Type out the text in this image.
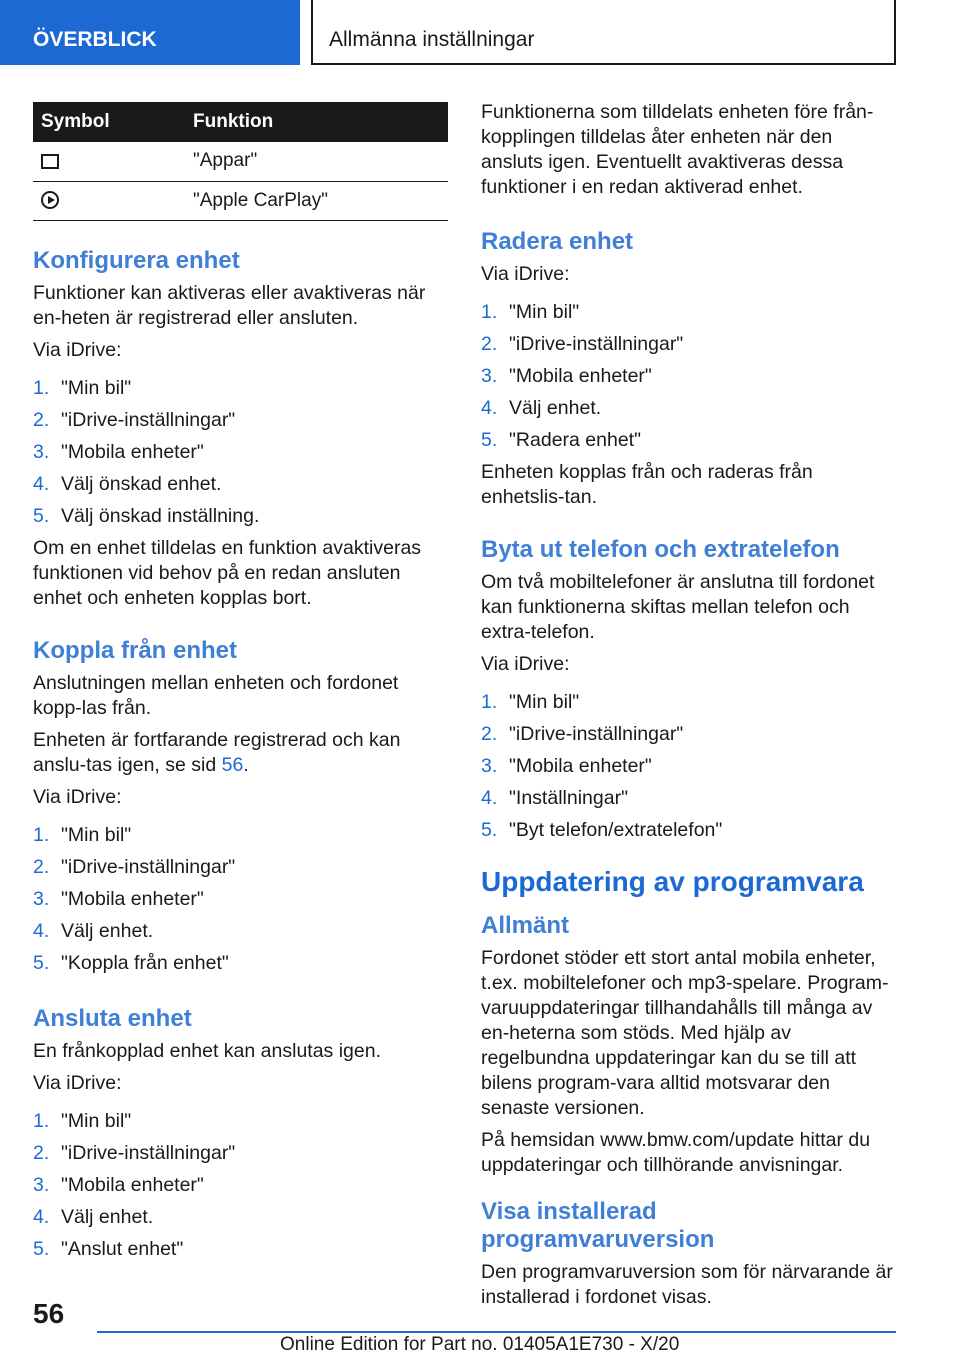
ÖVERBLICK	Allmänna inställningar
Symbol	Funktion
	"Appar"
	"Apple CarPlay"
Konfigurera enhet

Funktioner kan aktiveras eller avaktiveras när en-heten är registrerad eller ansluten.

Via iDrive:

1. "Min bil"
2. "iDrive-inställningar"
3. "Mobila enheter"
4. Välj önskad enhet.
5. Välj önskad inställning.

Om en enhet tilldelas en funktion avaktiveras funktionen vid behov på en redan ansluten enhet och enheten kopplas bort.

Koppla från enhet

Anslutningen mellan enheten och fordonet kopp-las från.

Enheten är fortfarande registrerad och kan anslu-tas igen, se sid 56.

Via iDrive:

1. "Min bil"
2. "iDrive-inställningar"
3. "Mobila enheter"
4. Välj enhet.
5. "Koppla från enhet"
Ansluta enhet

En frånkopplad enhet kan anslutas igen.

Via iDrive:

1. "Min bil"
2. "iDrive-inställningar"
3. "Mobila enheter"
4. Välj enhet.
5. "Anslut enhet"

Funktionerna som tilldelats enheten före från-kopplingen tilldelas åter enheten när den ansluts igen. Eventuellt avaktiveras dessa funktioner i en redan aktiverad enhet.

Radera enhet

Via iDrive:

1. "Min bil"
2. "iDrive-inställningar"
3. "Mobila enheter"
4. Välj enhet.
5. "Radera enhet"

Enheten kopplas från och raderas från enhetslis-tan.

Byta ut telefon och extratelefon

Om två mobiltelefoner är anslutna till fordonet kan funktionerna skiftas mellan telefon och extra-telefon.

Via iDrive:

1. "Min bil"
2. "iDrive-inställningar"
3. "Mobila enheter"
4. "Inställningar"
5. "Byt telefon/extratelefon"
Uppdatering av programvara
Allmänt

Fordonet stöder ett stort antal mobila enheter, t.ex. mobiltelefoner och mp3-spelare. Program-varuuppdateringar tillhandahålls till många av en-heterna som stöds. Med hjälp av regelbundna uppdateringar kan du se till att bilens program-vara alltid motsvarar den senaste versionen.

På hemsidan www.bmw.com/update hittar du uppdateringar och tillhörande anvisningar.

Visa installerad programvaruversion

Den programvaruversion som för närvarande är installerad i fordonet visas.

56
Online Edition for Part no. 01405A1E730 - X/20
